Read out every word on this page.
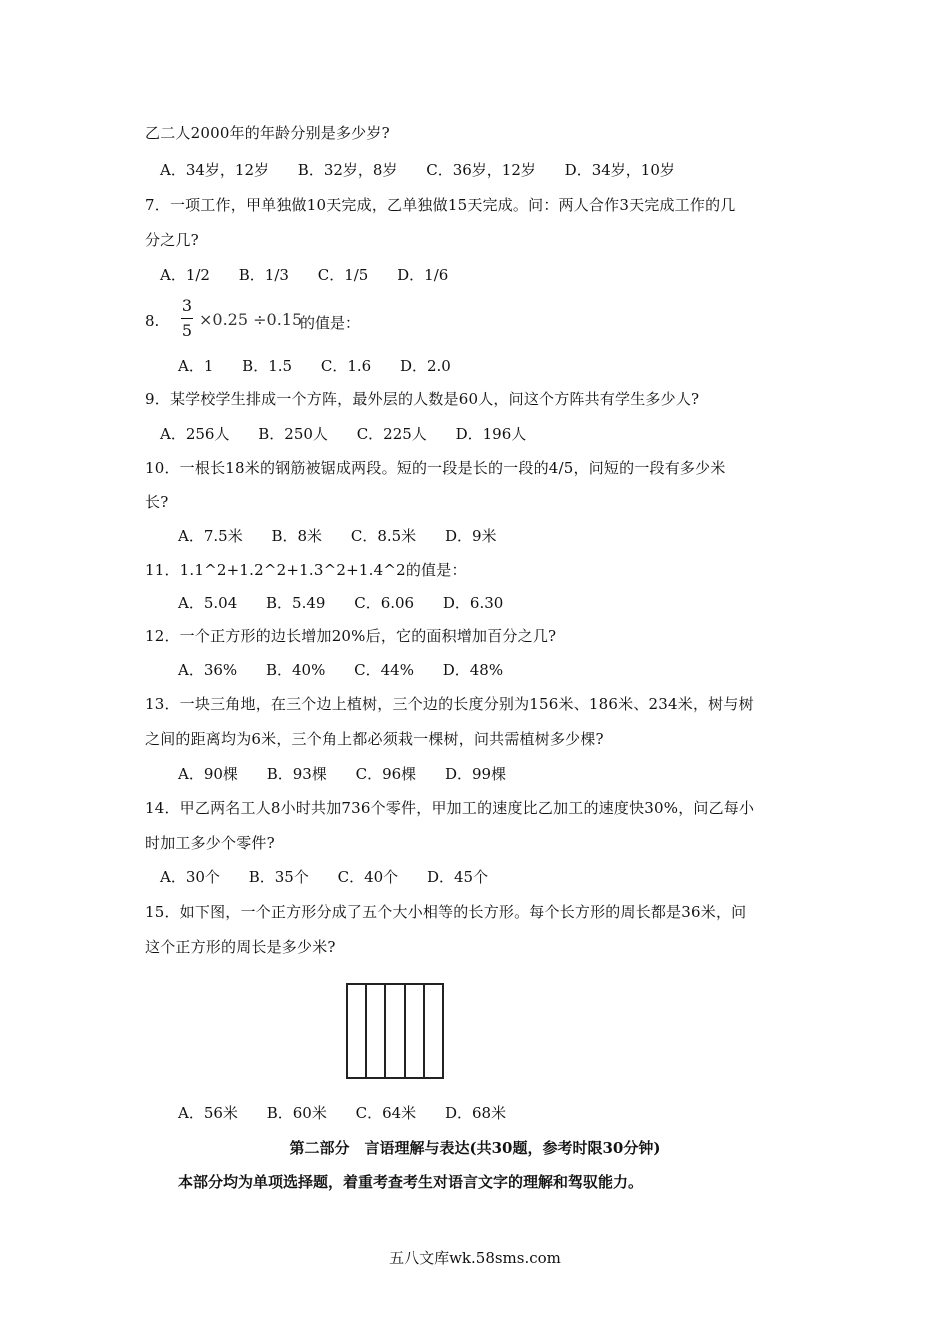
乙二人2000年的年龄分别是多少岁?
A．34岁，12岁 B．32岁，8岁 C．36岁，12岁 D．34岁，10岁
7．一项工作，甲单独做10天完成，乙单独做15天完成。问：两人合作3天完成工作的几
分之几?
A．1/2 B．1/3 C．1/5 D．1/6
8.
3
5
×0.25 ÷0.15
的值是：
A．1 B．1.5 C．1.6 D．2.0
9．某学校学生排成一个方阵，最外层的人数是60人，问这个方阵共有学生多少人?
A．256人 B．250人 C．225人 D．196人
10．一根长18米的钢筋被锯成两段。短的一段是长的一段的4/5，问短的一段有多少米
长?
A．7.5米 B．8米 C．8.5米 D．9米
11．1.1^2+1.2^2+1.3^2+1.4^2的值是：
A．5.04 B．5.49 C．6.06 D．6.30
12．一个正方形的边长增加20%后，它的面积增加百分之几?
A．36% B．40% C．44% D．48%
13．一块三角地，在三个边上植树，三个边的长度分别为156米、186米、234米，树与树
之间的距离均为6米，三个角上都必须栽一棵树，问共需植树多少棵?
A．90棵 B．93棵 C．96棵 D．99棵
14．甲乙两名工人8小时共加736个零件，甲加工的速度比乙加工的速度快30%，问乙每小
时加工多少个零件?
A．30个 B．35个 C．40个 D．45个
15．如下图，一个正方形分成了五个大小相等的长方形。每个长方形的周长都是36米，问
这个正方形的周长是多少米?
A．56米 B．60米 C．64米 D．68米
第二部分　言语理解与表达(共30题，参考时限30分钟)
本部分均为单项选择题，着重考查考生对语言文字的理解和驾驭能力。
五八文库wk.58sms.com
